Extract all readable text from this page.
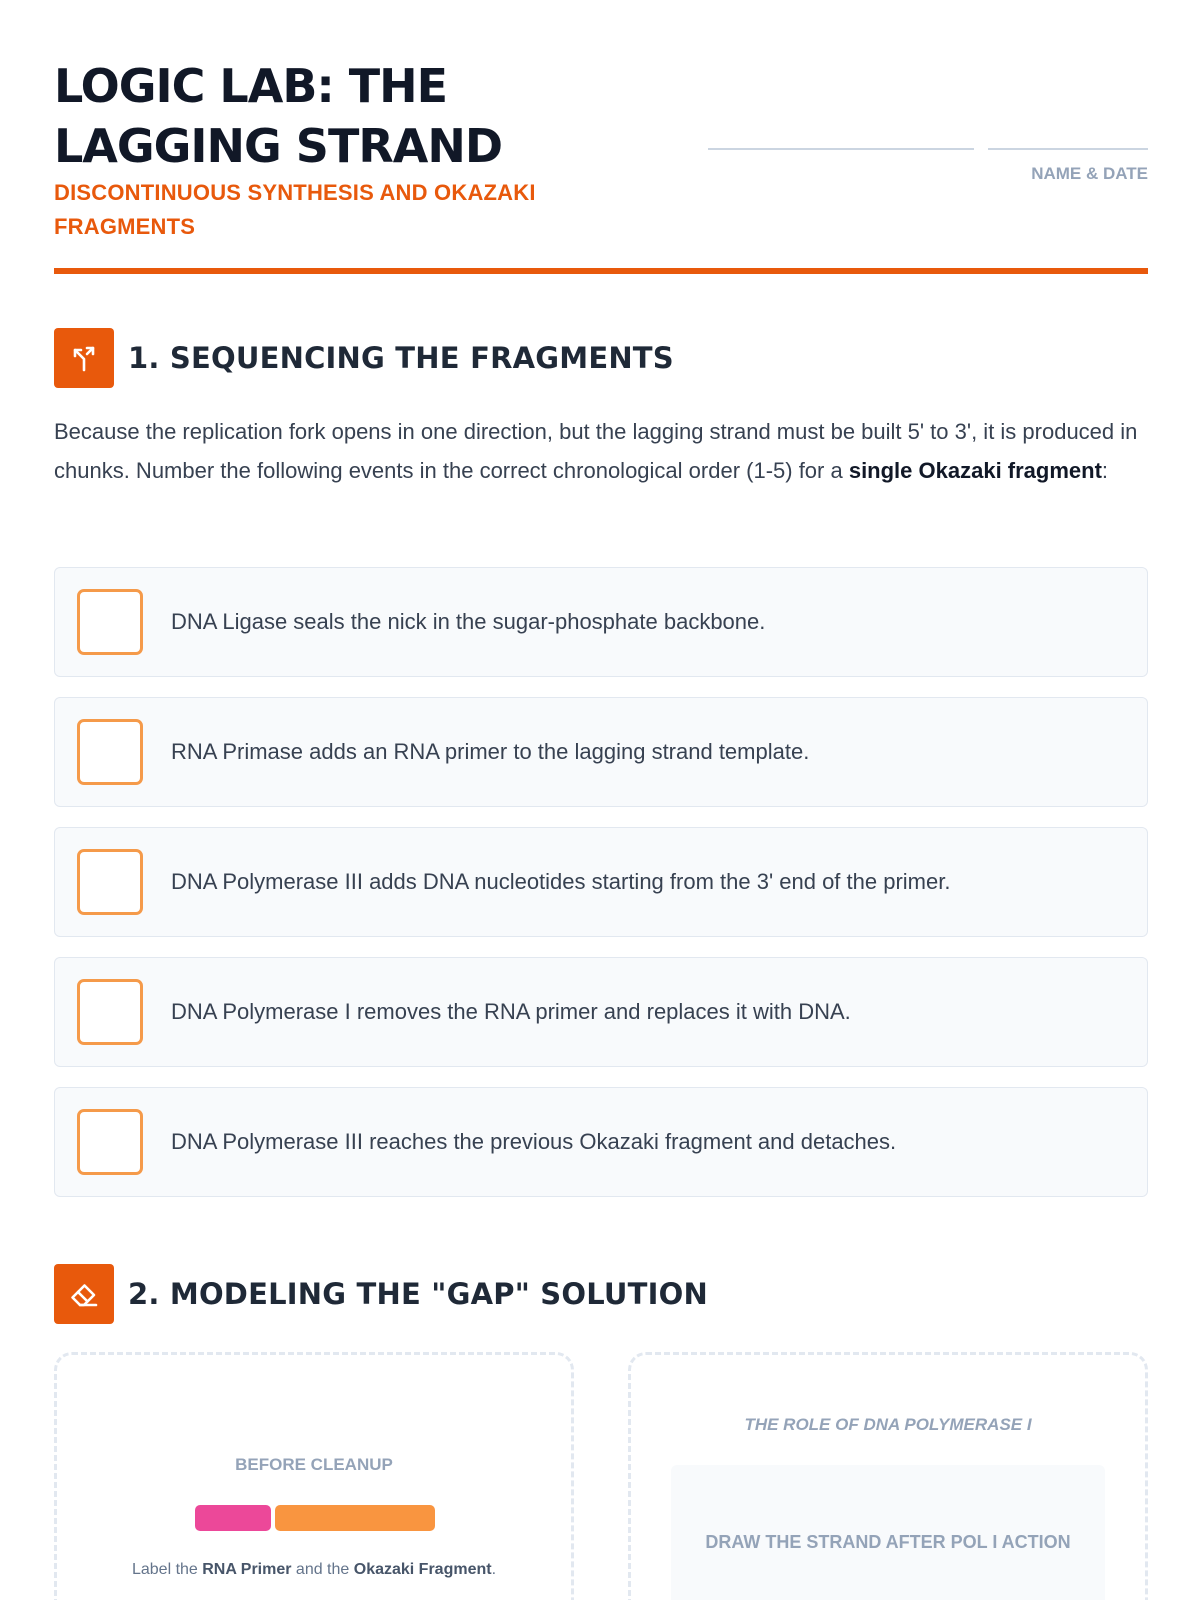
LOGIC LAB: THE LAGGING STRAND
DISCONTINUOUS SYNTHESIS AND OKAZAKI FRAGMENTS
NAME & DATE
1. SEQUENCING THE FRAGMENTS

Because the replication fork opens in one direction, but the lagging strand must be built 5' to 3', it is produced in chunks. Number the following events in the correct chronological order (1-5) for a single Okazaki fragment:

DNA Ligase seals the nick in the sugar-phosphate backbone.
RNA Primase adds an RNA primer to the lagging strand template.
DNA Polymerase III adds DNA nucleotides starting from the 3' end of the primer.
DNA Polymerase I removes the RNA primer and replaces it with DNA.
DNA Polymerase III reaches the previous Okazaki fragment and detaches.
2. MODELING THE "GAP" SOLUTION
BEFORE CLEANUP
Label the RNA Primer and the Okazaki Fragment.
THE ROLE OF DNA POLYMERASE I
DRAW THE STRAND AFTER POL I ACTION
